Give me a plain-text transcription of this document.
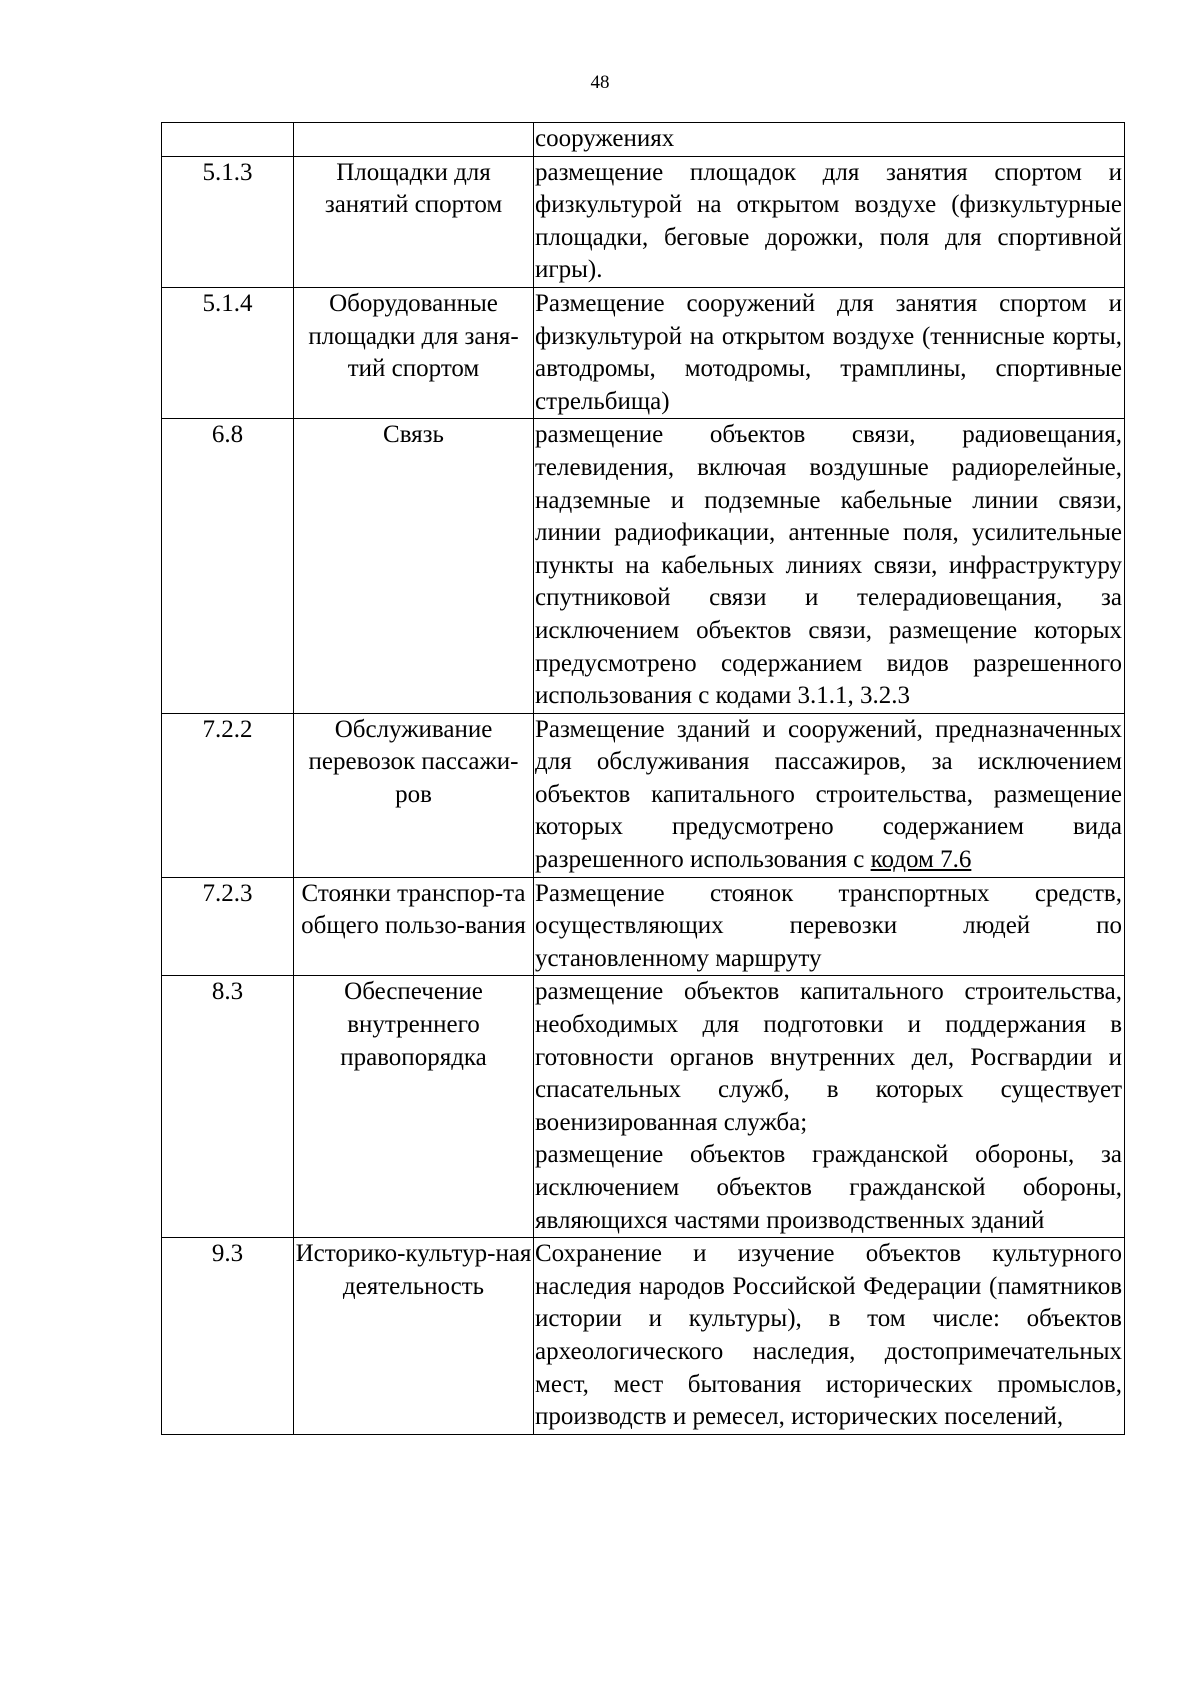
48
		сооружениях
5.1.3	Площадки для занятий спортом	размещение площадок для занятия спортом и физкультурой на открытом воздухе (физкультурные площадки, беговые дорожки, поля для спортивной игры).
5.1.4	Оборудованные площадки для заня-тий спортом	Размещение сооружений для занятия спортом и физкультурой на открытом воздухе (теннисные корты, автодромы, мотодромы, трамплины, спортивные стрельбища)
6.8	Связь	размещение объектов связи, радиовещания, телевидения, включая воздушные радиорелейные, надземные и подземные кабельные линии связи, линии радиофикации, антенные поля, усилительные пункты на кабельных линиях связи, инфраструктуру спутниковой связи и телерадиовещания, за исключением объектов связи, размещение которых предусмотрено содержанием видов разрешенного использования с кодами 3.1.1, 3.2.3
7.2.2	Обслуживание перевозок пассажи-ров	Размещение зданий и сооружений, предназначенных для обслуживания пассажиров, за исключением объектов капитального строительства, размещение которых предусмотрено содержанием вида разрешенного использования с кодом 7.6
7.2.3	Стоянки транспор-та общего пользо-вания	Размещение стоянок транспортных средств, осуществляющих перевозки людей по установленному маршруту
8.3	Обеспечение внутреннего правопорядка	размещение объектов капитального строительства, необходимых для подготовки и поддержания в готовности органов внутренних дел, Росгвардии и спасательных служб, в которых существует военизированная служба;
размещение объектов гражданской обороны, за исключением объектов гражданской обороны, являющихся частями производственных зданий

9.3	Историко-культур-ная деятельность	Сохранение и изучение объектов культурного наследия народов Российской Федерации (памятников истории и культуры), в том числе: объектов археологического наследия, достопримечательных мест, мест бытования исторических промыслов, производств и ремесел, исторических поселений,
